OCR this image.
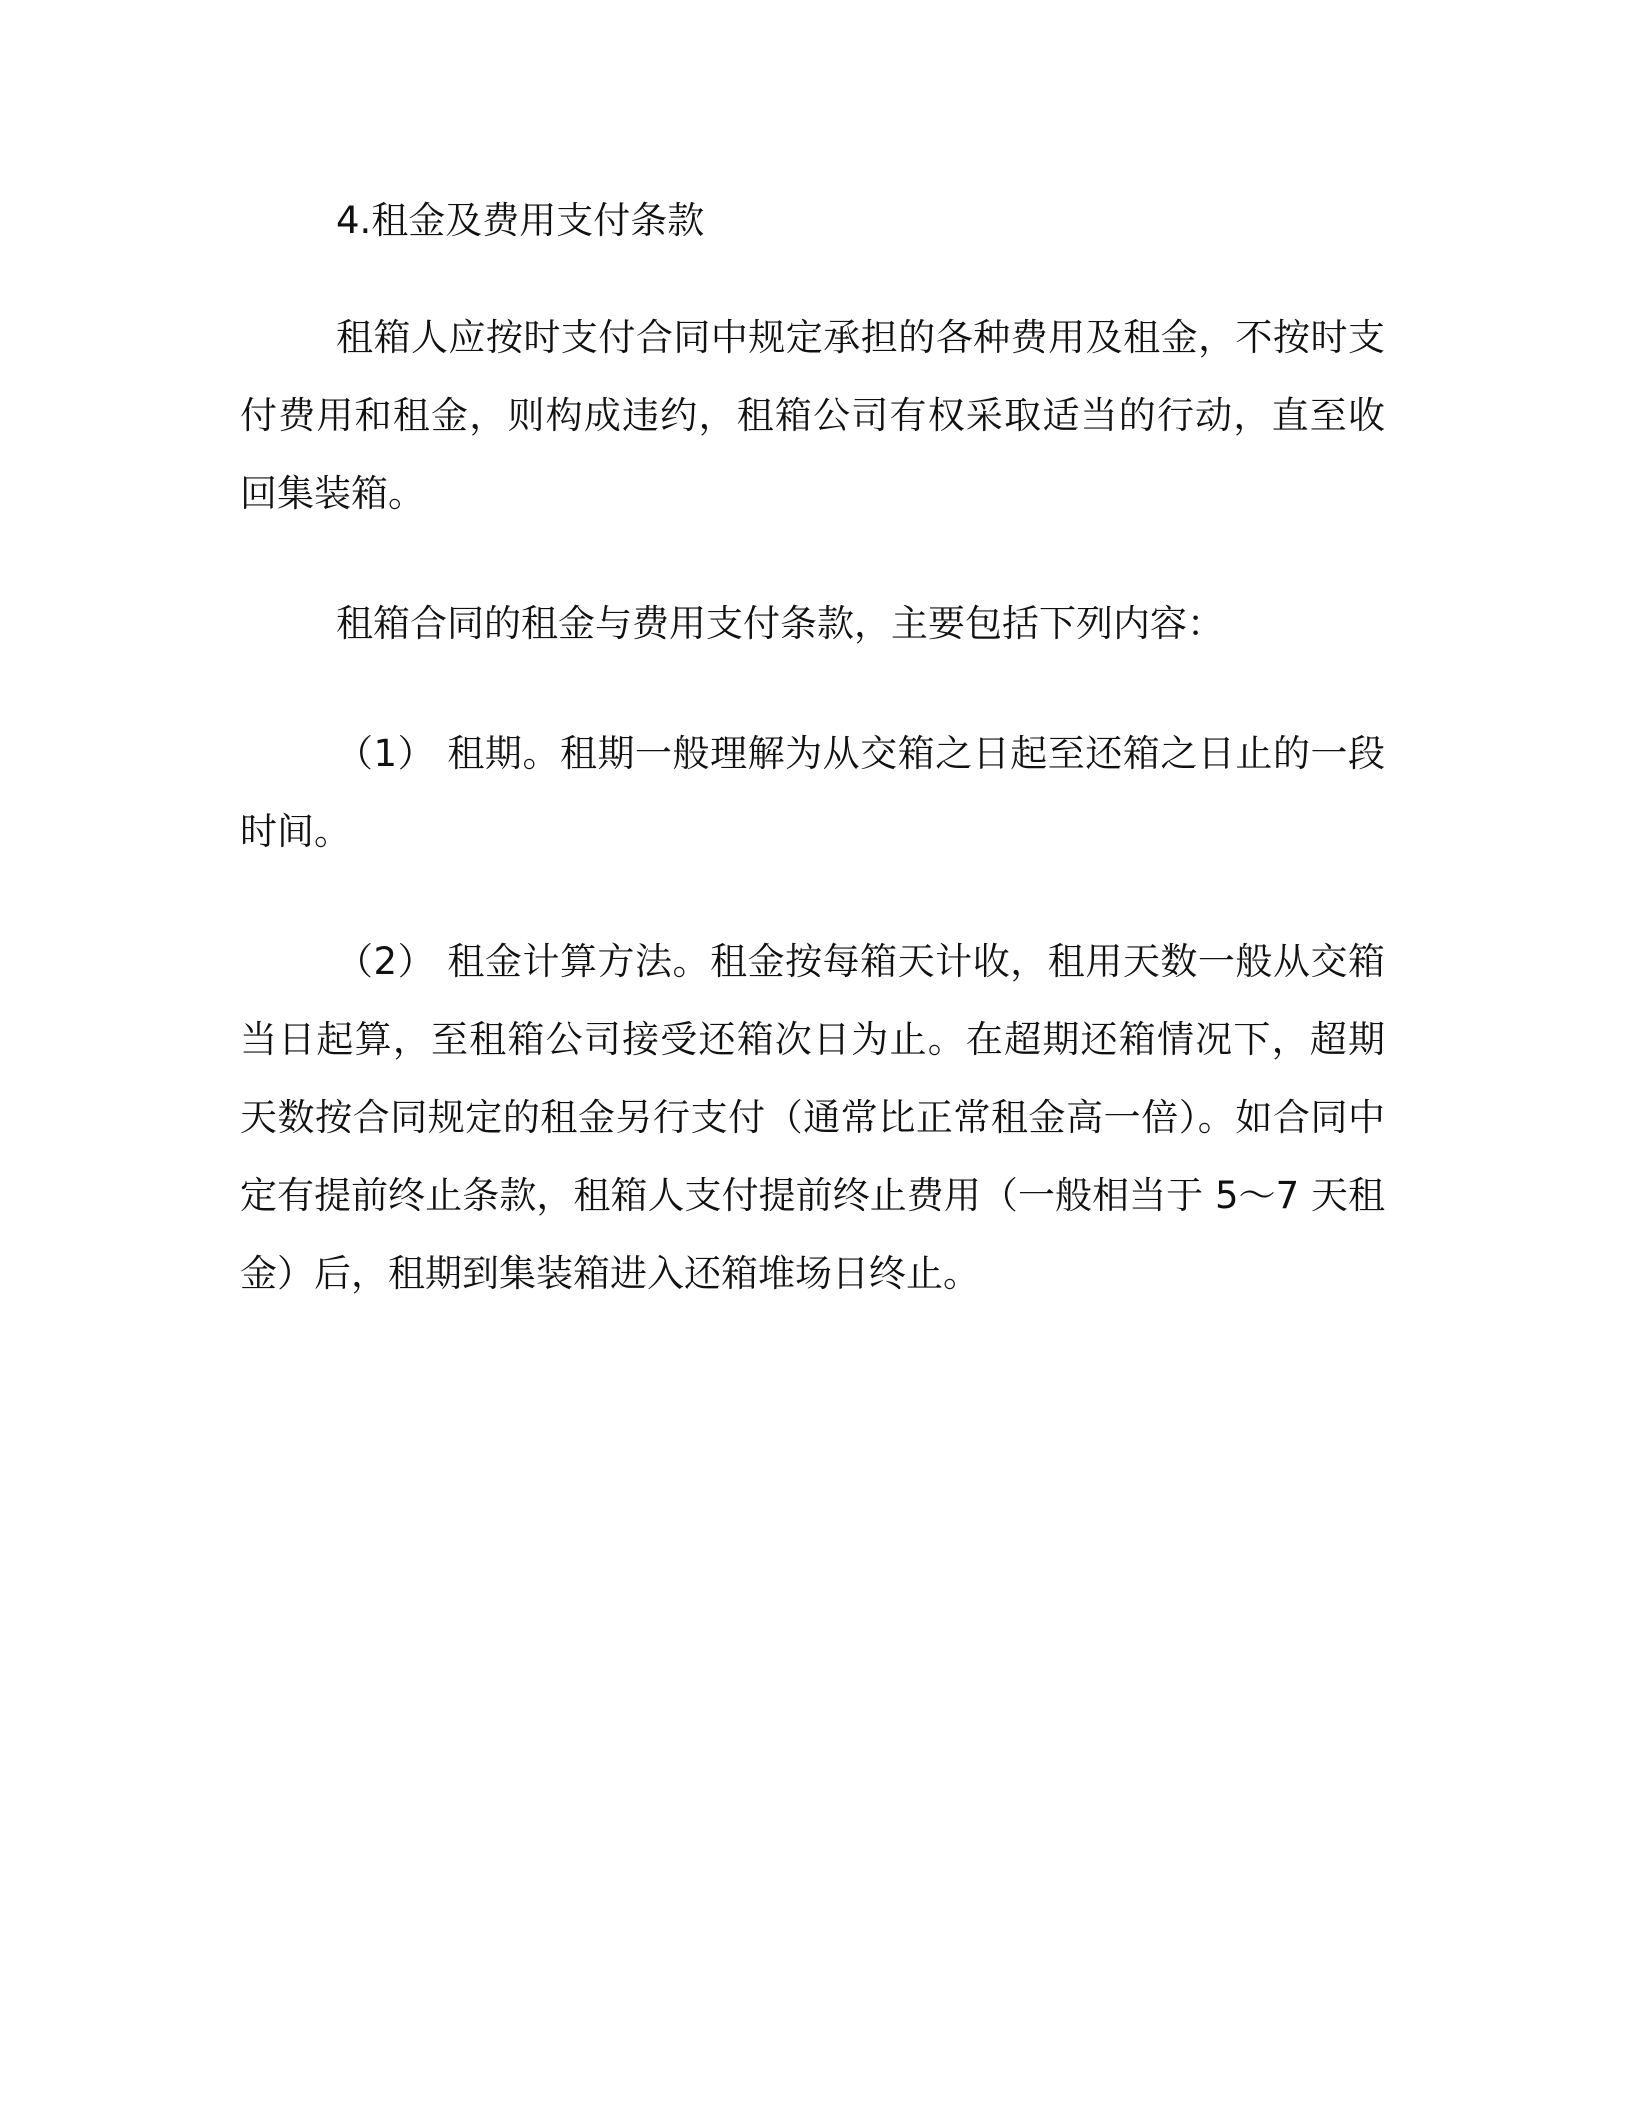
4.租金及费用支付条款

租箱人应按时支付合同中规定承担的各种费用及租金，不按时支付费用和租金，则构成违约，租箱公司有权采取适当的行动，直至收回集装箱。

租箱合同的租金与费用支付条款，主要包括下列内容：

（1） 租期。租期一般理解为从交箱之日起至还箱之日止的一段时间。

（2） 租金计算方法。租金按每箱天计收，租用天数一般从交箱当日起算，至租箱公司接受还箱次日为止。在超期还箱情况下，超期天数按合同规定的租金另行支付（通常比正常租金高一倍）。如合同中定有提前终止条款，租箱人支付提前终止费用（一般相当于 5～7 天租金）后，租期到集装箱进入还箱堆场日终止。
